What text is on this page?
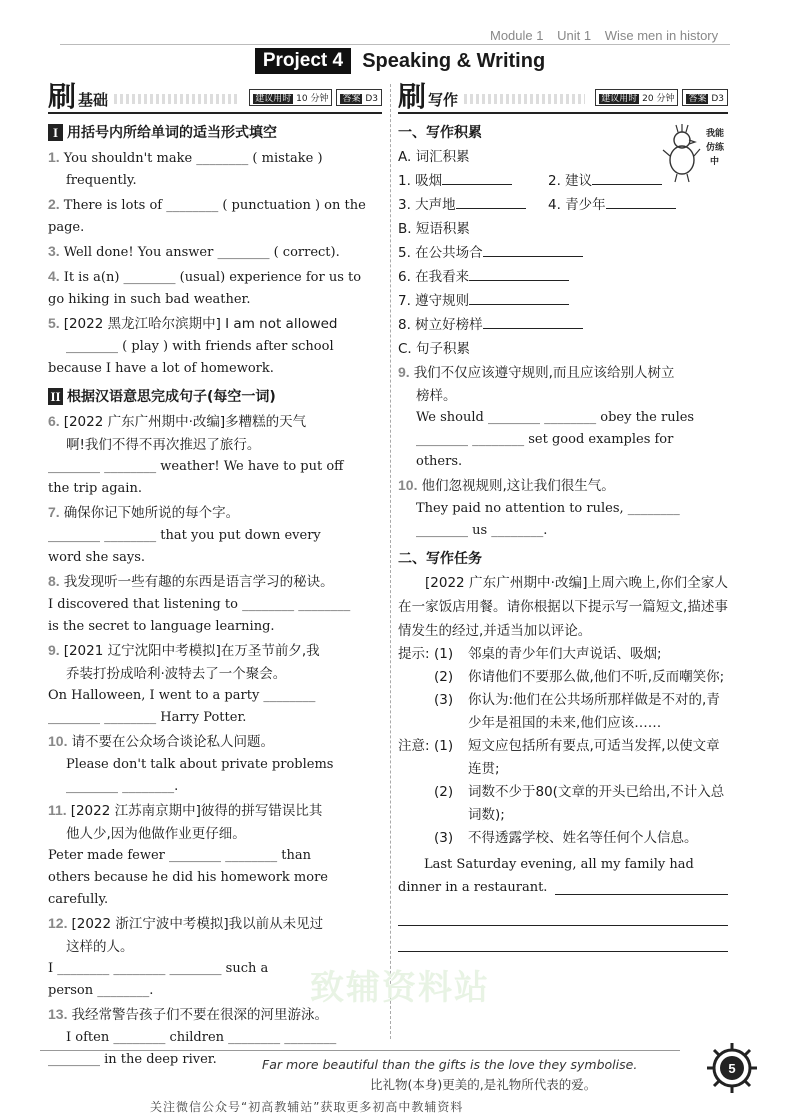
Module 1 Unit 1 Wise men in history
Project 4 Speaking & Writing
刷 基础	建议用时 10 分钟	答案 D3
I 用括号内所给单词的适当形式填空
1. You shouldn't make ________ ( mistake )
frequently.
2. There is lots of ________ ( punctuation ) on the
page.
3. Well done! You answer ________ ( correct).
4. It is a(n) ________ (usual) experience for us to
go hiking in such bad weather.
5. [2022 黑龙江哈尔滨期中] I am not allowed
________ ( play ) with friends after school
because I have a lot of homework.
II 根据汉语意思完成句子(每空一词)
6. [2022 广东广州期中·改编]多糟糕的天气
啊!我们不得不再次推迟了旅行。
________ ________ weather! We have to put off
the trip again.
7. 确保你记下她所说的每个字。
________ ________ that you put down every
word she says.
8. 我发现听一些有趣的东西是语言学习的秘诀。
I discovered that listening to ________ ________
is the secret to language learning.
9. [2021 辽宁沈阳中考模拟]在万圣节前夕,我
乔装打扮成哈利·波特去了一个聚会。
On Halloween, I went to a party ________
________ ________ Harry Potter.
10. 请不要在公众场合谈论私人问题。
Please don't talk about private problems
________ ________.
11. [2022 江苏南京期中]彼得的拼写错误比其
他人少,因为他做作业更仔细。
Peter made fewer ________ ________ than
others because he did his homework more
carefully.
12. [2022 浙江宁波中考模拟]我以前从未见过
这样的人。
I ________ ________ ________ such a
person ________.
13. 我经常警告孩子们不要在很深的河里游泳。
I often ________ children ________ ________
________ in the deep river.
刷 写作	建议用时 20 分钟	答案 D3
一、写作积累
A. 词汇积累
1. 吸烟	2. 建议
3. 大声地	4. 青少年
B. 短语积累
5. 在公共场合
6. 在我看来
7. 遵守规则
8. 树立好榜样
C. 句子积累
9. 我们不仅应该遵守规则,而且应该给别人树立
榜样。
We should ________ ________ obey the rules
________ ________ set good examples for
others.
10. 他们忽视规则,这让我们很生气。
They paid no attention to rules, ________
________ us ________.
二、写作任务
[2022 广东广州期中·改编]上周六晚上,你们全家人在一家饭店用餐。请你根据以下提示写一篇短文,描述事情发生的经过,并适当加以评论。
提示: (1)	邻桌的青少年们大声说话、吸烟;
(2)	你请他们不要那么做,他们不听,反而嘲笑你;
(3)	你认为:他们在公共场所那样做是不对的,青少年是祖国的未来,他们应该……
注意: (1)	短文应包括所有要点,可适当发挥,以使文章连贯;
(2)	词数不少于80(文章的开头已给出,不计入总词数);
(3)	不得透露学校、姓名等任何个人信息。
Last Saturday evening, all my family had
dinner in a restaurant.
我能
仿练
中
致辅资料站
Far more beautiful than the gifts is the love they symbolise.
比礼物(本身)更美的,是礼物所代表的爱。
关注微信公众号“初高教辅站”获取更多初高中教辅资料
5
